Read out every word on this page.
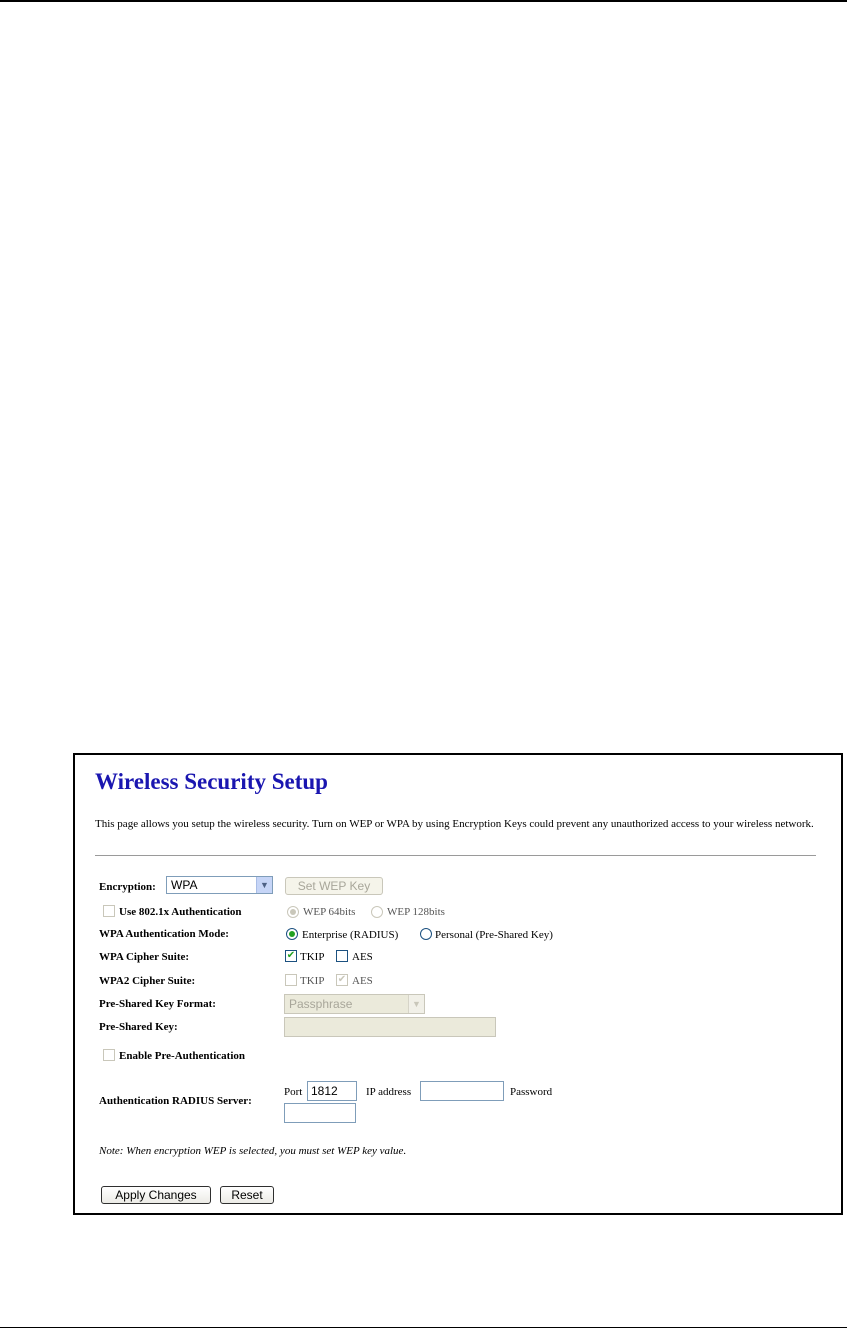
Wireless Security Setup

This page allows you setup the wireless security. Turn on WEP or WPA by using Encryption Keys could prevent any unauthorized access to your wireless network.

Encryption:	WPA	▼	Set WEP Key
Use 802.1x Authentication	WEP 64bits	WEP 128bits
WPA Authentication Mode:	Enterprise (RADIUS)	Personal (Pre-Shared Key)
WPA Cipher Suite:	✔ TKIP	AES
WPA2 Cipher Suite:	TKIP ✔ AES
Pre-Shared Key Format:	Passphrase	▼
Pre-Shared Key:
Enable Pre-Authentication
Authentication RADIUS Server:
Port 1812	IP address	Password
Note: When encryption WEP is selected, you must set WEP key value.
Apply Changes	Reset
